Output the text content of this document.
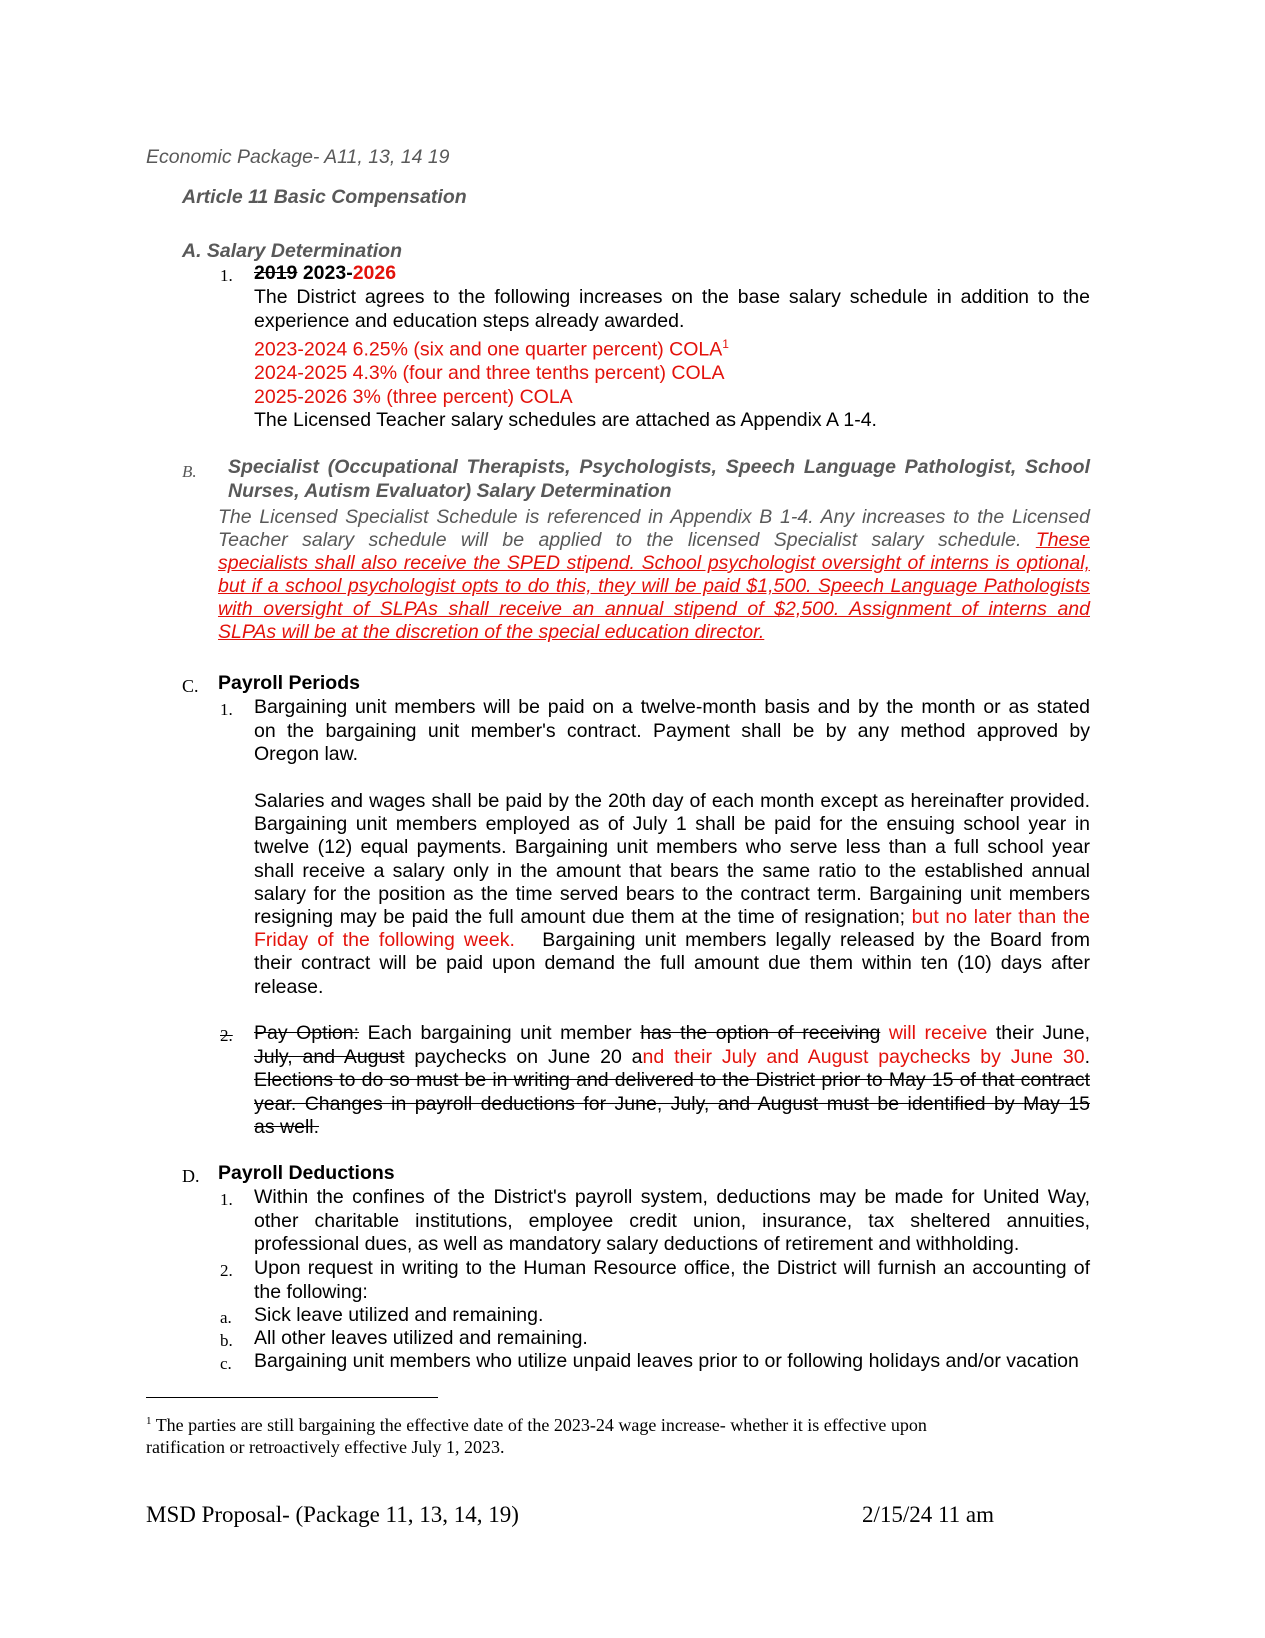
Economic Package- A11, 13, 14 19
Article 11 Basic Compensation
A. Salary Determination
1. 2019 2023-2026
The District agrees to the following increases on the base salary schedule in addition to the
experience and education steps already awarded.
2023-2024 6.25% (six and one quarter percent) COLA$^1$
2024-2025 4.3% (four and three tenths percent) COLA
2025-2026 3% (three percent) COLA
The Licensed Teacher salary schedules are attached as Appendix A 1-4.
B. Specialist (Occupational Therapists, Psychologists, Speech Language Pathologist, School
Nurses, Autism Evaluator) Salary Determination
The Licensed Specialist Schedule is referenced in Appendix B 1-4. Any increases to the Licensed
Teacher salary schedule will be applied to the licensed Specialist salary schedule. These
specialists shall also receive the SPED stipend. School psychologist oversight of interns is optional,
but if a school psychologist opts to do this, they will be paid $1,500. Speech Language Pathologists
with oversight of SLPAs shall receive an annual stipend of $2,500. Assignment of interns and
SLPAs will be at the discretion of the special education director.
C. Payroll Periods
1. Bargaining unit members will be paid on a twelve-month basis and by the month or as stated
on the bargaining unit member's contract. Payment shall be by any method approved by
Oregon law.
Salaries and wages shall be paid by the 20th day of each month except as hereinafter provided.
Bargaining unit members employed as of July 1 shall be paid for the ensuing school year in
twelve (12) equal payments. Bargaining unit members who serve less than a full school year
shall receive a salary only in the amount that bears the same ratio to the established annual
salary for the position as the time served bears to the contract term. Bargaining unit members
resigning may be paid the full amount due them at the time of resignation; but no later than the
Friday of the following week. Bargaining unit members legally released by the Board from
their contract will be paid upon demand the full amount due them within ten (10) days after
release.
2. Pay Option: Each bargaining unit member has the option of receiving will receive their June,
July, and August paychecks on June 20 and their July and August paychecks by June 30.
Elections to do so must be in writing and delivered to the District prior to May 15 of that contract
year. Changes in payroll deductions for June, July, and August must be identified by May 15
as well.
D. Payroll Deductions
1. Within the confines of the District's payroll system, deductions may be made for United Way,
other charitable institutions, employee credit union, insurance, tax sheltered annuities,
professional dues, as well as mandatory salary deductions of retirement and withholding.
2. Upon request in writing to the Human Resource office, the District will furnish an accounting of
the following:
a. Sick leave utilized and remaining.
b. All other leaves utilized and remaining.
c. Bargaining unit members who utilize unpaid leaves prior to or following holidays and/or vacation
$^1$ The parties are still bargaining the effective date of the 2023-24 wage increase- whether it is effective upon
ratification or retroactively effective July 1, 2023.
MSD Proposal- (Package 11, 13, 14, 19)	2/15/24 11 am
